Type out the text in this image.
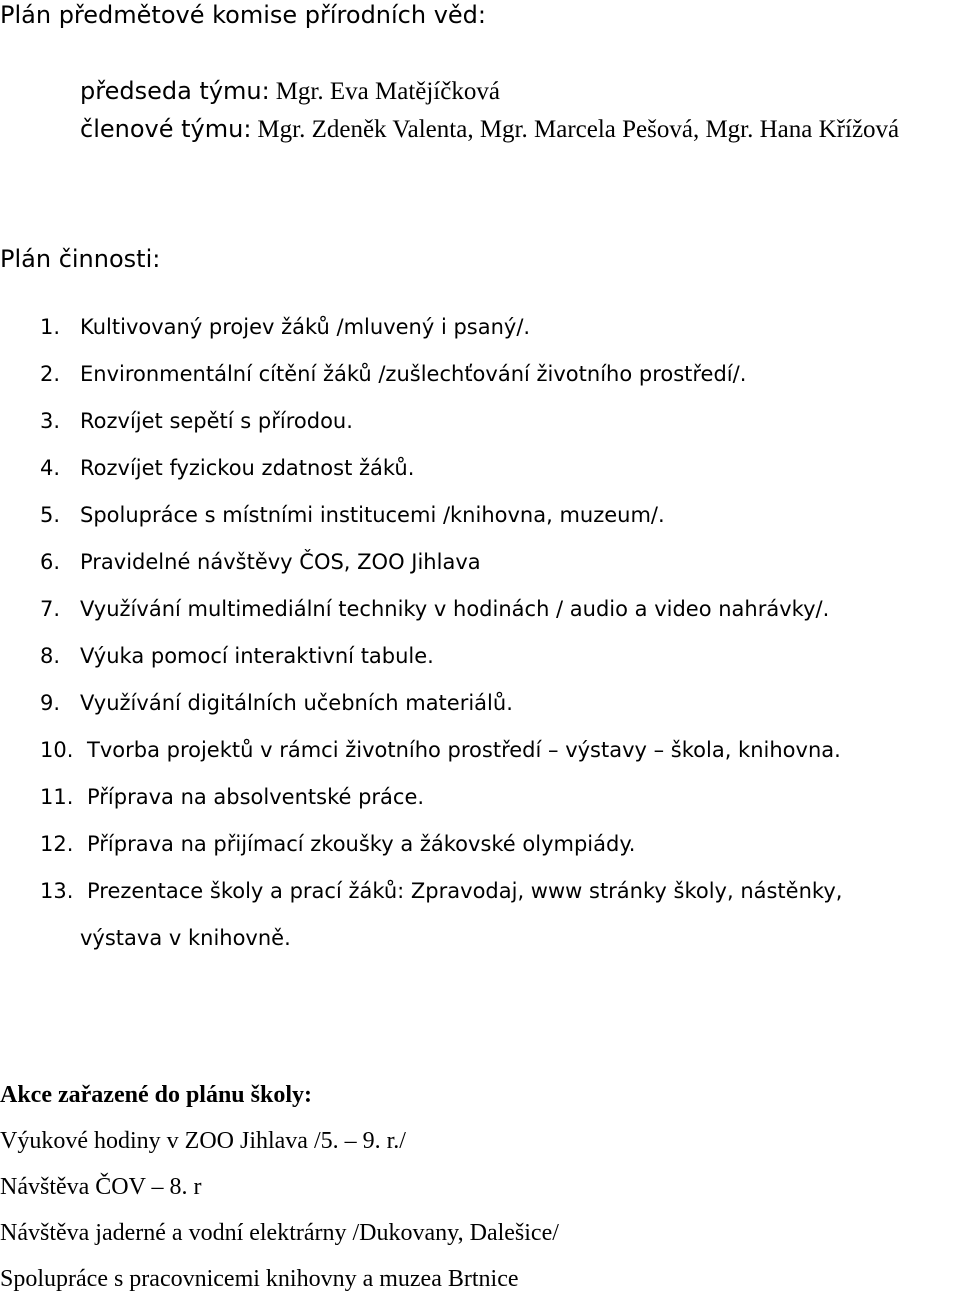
Plán předmětové komise přírodních věd:
předseda týmu: Mgr. Eva Matějíčková
členové týmu: Mgr. Zdeněk Valenta, Mgr. Marcela Pešová, Mgr. Hana Křížová
Plán činnosti:
1. Kultivovaný projev žáků /mluvený i psaný/.
2. Environmentální cítění žáků /zušlechťování životního prostředí/.
3. Rozvíjet sepětí s přírodou.
4. Rozvíjet fyzickou zdatnost žáků.
5. Spolupráce s místními institucemi /knihovna, muzeum/.
6. Pravidelné návštěvy ČOS, ZOO Jihlava
7. Využívání multimediální techniky v hodinách / audio a video nahrávky/.
8. Výuka pomocí interaktivní tabule.
9. Využívání digitálních učebních materiálů.
10. Tvorba projektů v rámci životního prostředí – výstavy – škola, knihovna.
11. Příprava na absolventské práce.
12. Příprava na přijímací zkoušky a žákovské olympiády.
13. Prezentace školy a prací žáků: Zpravodaj, www stránky školy, nástěnky,
výstava v knihovně.
Akce zařazené do plánu školy:
Výukové hodiny v ZOO Jihlava /5. – 9. r./
Návštěva ČOV – 8. r
Návštěva jaderné a vodní elektrárny /Dukovany, Dalešice/
Spolupráce s pracovnicemi knihovny a muzea Brtnice
